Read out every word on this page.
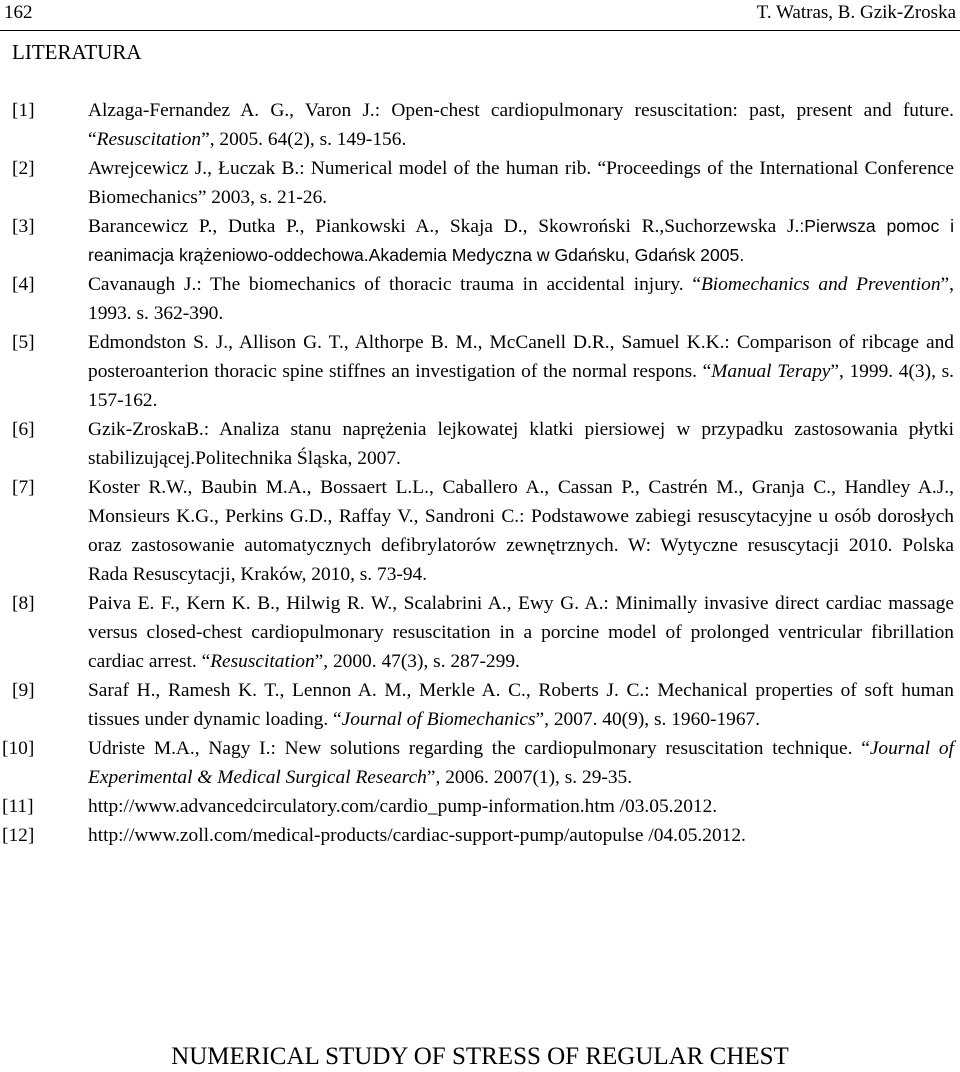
162	T. Watras, B. Gzik-Zroska
LITERATURA
[1]	Alzaga-Fernandez A. G., Varon J.: Open-chest cardiopulmonary resuscitation: past, present and future. “Resuscitation”, 2005. 64(2), s. 149-156.
[2]	Awrejcewicz J., Łuczak B.: Numerical model of the human rib. “Proceedings of the International Conference Biomechanics” 2003, s. 21-26.
[3]	Barancewicz P., Dutka P., Piankowski A., Skaja D., Skowroński R.,Suchorzewska J.:Pierwsza pomoc i reanimacja krążeniowo-oddechowa.Akademia Medyczna w Gdańsku, Gdańsk 2005.
[4]	Cavanaugh J.: The biomechanics of thoracic trauma in accidental injury. “Biomechanics and Prevention”, 1993. s. 362-390.
[5]	Edmondston S. J., Allison G. T., Althorpe B. M., McCanell D.R., Samuel K.K.: Comparison of ribcage and posteroanterion thoracic spine stiffnes an investigation of the normal respons. “Manual Terapy”, 1999. 4(3), s. 157-162.
[6]	Gzik-ZroskaB.: Analiza stanu naprężenia lejkowatej klatki piersiowej w przypadku zastosowania płytki stabilizującej.Politechnika Śląska, 2007.
[7]	Koster R.W., Baubin M.A., Bossaert L.L., Caballero A., Cassan P., Castrén M., Granja C., Handley A.J., Monsieurs K.G., Perkins G.D., Raffay V., Sandroni C.: Podstawowe zabiegi resuscytacyjne u osób dorosłych oraz zastosowanie automatycznych defibrylatorów zewnętrznych. W: Wytyczne resuscytacji 2010. Polska Rada Resuscytacji, Kraków, 2010, s. 73-94.
[8]	Paiva E. F., Kern K. B., Hilwig R. W., Scalabrini A., Ewy G. A.: Minimally invasive direct cardiac massage versus closed-chest cardiopulmonary resuscitation in a porcine model of prolonged ventricular fibrillation cardiac arrest. “Resuscitation”, 2000. 47(3), s. 287-299.
[9]	Saraf H., Ramesh K. T., Lennon A. M., Merkle A. C., Roberts J. C.: Mechanical properties of soft human tissues under dynamic loading. “Journal of Biomechanics”, 2007. 40(9), s. 1960-1967.
[10]	Udriste M.A., Nagy I.: New solutions regarding the cardiopulmonary resuscitation technique. “Journal of Experimental & Medical Surgical Research”, 2006. 2007(1), s. 29-35.
[11]	http://www.advancedcirculatory.com/cardio_pump-information.htm /03.05.2012.
[12]	http://www.zoll.com/medical-products/cardiac-support-pump/autopulse /04.05.2012.
NUMERICAL STUDY OF STRESS OF REGULAR CHEST
